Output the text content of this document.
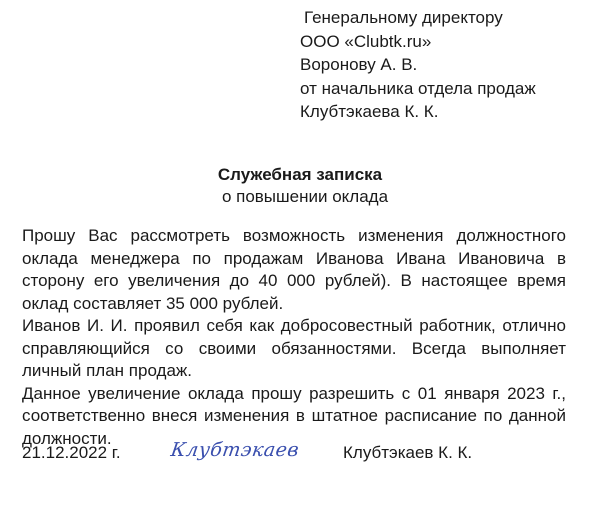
Генеральному директору
ООО «Clubtk.ru»
Воронову А. В.
от начальника отдела продаж
Клубтэкаева К. К.
Служебная записка
о повышении оклада
Прошу Вас рассмотреть возможность изменения должностного
оклада менеджера по продажам Иванова Ивана Ивановича в
сторону его увеличения до 40 000 рублей). В настоящее время
оклад составляет 35 000 рублей.
Иванов И. И. проявил себя как добросовестный работник, отлично
справляющийся со своими обязанностями. Всегда выполняет
личный план продаж.
Данное увеличение оклада прошу разрешить с 01 января 2023 г.,
соответственно внеся изменения в штатное расписание по данной
должности.
21.12.2022 г.	Клубтэкаев Клубтэкаев К. К.
